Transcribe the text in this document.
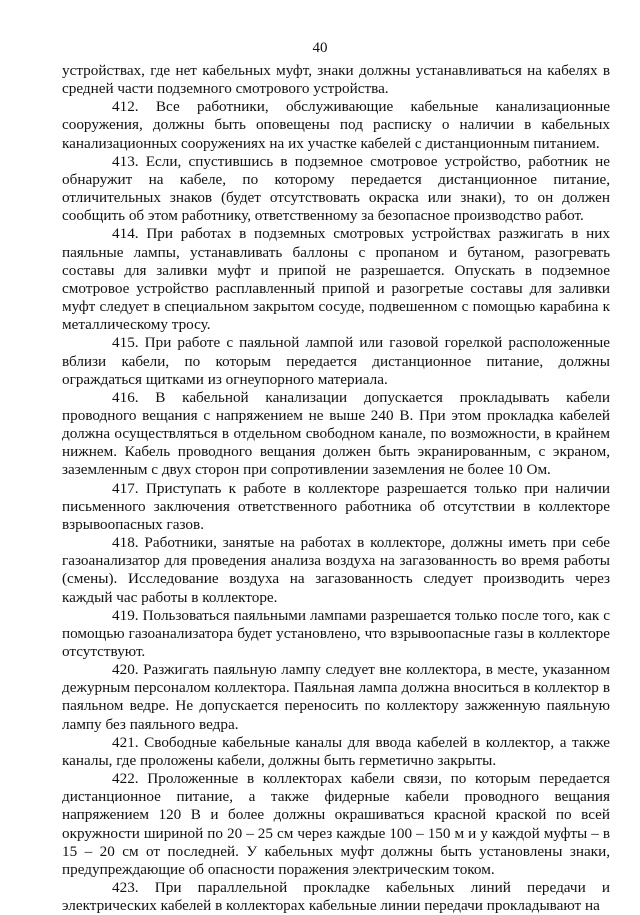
40

устройствах, где нет кабельных муфт, знаки должны устанавливаться на кабелях в средней части подземного смотрового устройства.

412. Все работники, обслуживающие кабельные канализационные сооружения, должны быть оповещены под расписку о наличии в кабельных канализационных сооружениях на их участке кабелей с дистанционным питанием.

413. Если, спустившись в подземное смотровое устройство, работник не обнаружит на кабеле, по которому передается дистанционное питание, отличительных знаков (будет отсутствовать окраска или знаки), то он должен сообщить об этом работнику, ответственному за безопасное производство работ.

414. При работах в подземных смотровых устройствах разжигать в них паяльные лампы, устанавливать баллоны с пропаном и бутаном, разогревать составы для заливки муфт и припой не разрешается. Опускать в подземное смотровое устройство расплавленный припой и разогретые составы для заливки муфт следует в специальном закрытом сосуде, подвешенном с помощью карабина к металлическому тросу.

415. При работе с паяльной лампой или газовой горелкой расположенные вблизи кабели, по которым передается дистанционное питание, должны ограждаться щитками из огнеупорного материала.

416. В кабельной канализации допускается прокладывать кабели проводного вещания с напряжением не выше 240 В. При этом прокладка кабелей должна осуществляться в отдельном свободном канале, по возможности, в крайнем нижнем. Кабель проводного вещания должен быть экранированным, с экраном, заземленным с двух сторон при сопротивлении заземления не более 10 Ом.

417. Приступать к работе в коллекторе разрешается только при наличии письменного заключения ответственного работника об отсутствии в коллекторе взрывоопасных газов.

418. Работники, занятые на работах в коллекторе, должны иметь при себе газоанализатор для проведения анализа воздуха на загазованность во время работы (смены). Исследование воздуха на загазованность следует производить через каждый час работы в коллекторе.

419. Пользоваться паяльными лампами разрешается только после того, как с помощью газоанализатора будет установлено, что взрывоопасные газы в коллекторе отсутствуют.

420. Разжигать паяльную лампу следует вне коллектора, в месте, указанном дежурным персоналом коллектора. Паяльная лампа должна вноситься в коллектор в паяльном ведре. Не допускается переносить по коллектору зажженную паяльную лампу без паяльного ведра.

421. Свободные кабельные каналы для ввода кабелей в коллектор, а также каналы, где проложены кабели, должны быть герметично закрыты.

422. Проложенные в коллекторах кабели связи, по которым передается дистанционное питание, а также фидерные кабели проводного вещания напряжением 120 В и более должны окрашиваться красной краской по всей окружности шириной по 20 – 25 см через каждые 100 – 150 м и у каждой муфты – в 15 – 20 см от последней. У кабельных муфт должны быть установлены знаки, предупреждающие об опасности поражения электрическим током.

423. При параллельной прокладке кабельных линий передачи и электрических кабелей в коллекторах кабельные линии передачи прокладывают на
